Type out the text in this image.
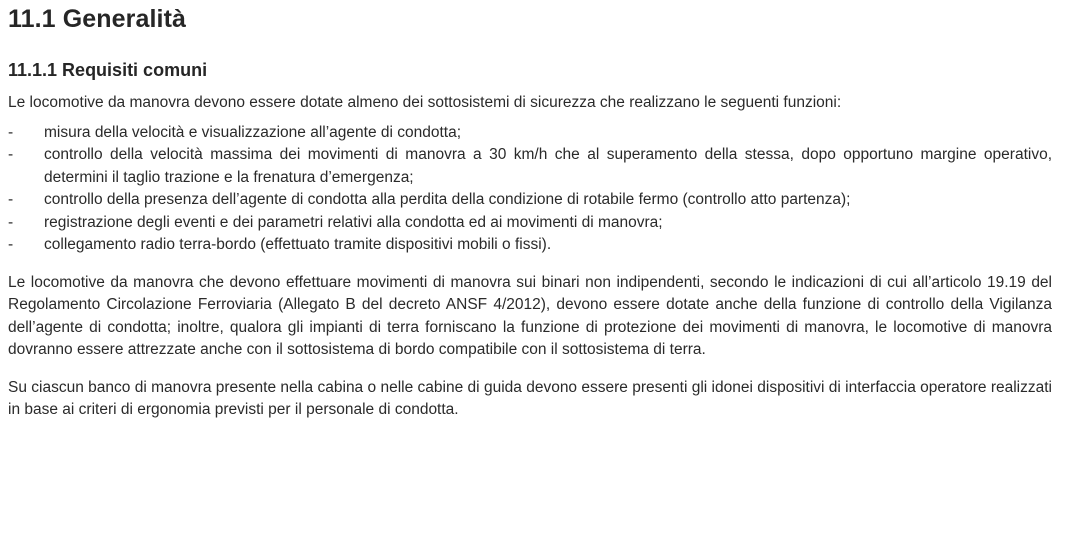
11.1 Generalità
11.1.1 Requisiti comuni

Le locomotive da manovra devono essere dotate almeno dei sottosistemi di sicurezza che realizzano le seguenti funzioni:

- misura della velocità e visualizzazione all’agente di condotta;
- controllo della velocità massima dei movimenti di manovra a 30 km/h che al superamento della stessa, dopo opportuno margine operativo, determini il taglio trazione e la frenatura d’emergenza;
- controllo della presenza dell’agente di condotta alla perdita della condizione di rotabile fermo (controllo atto partenza);
- registrazione degli eventi e dei parametri relativi alla condotta ed ai movimenti di manovra;
- collegamento radio terra-bordo (effettuato tramite dispositivi mobili o fissi).

Le locomotive da manovra che devono effettuare movimenti di manovra sui binari non indipendenti, secondo le indicazioni di cui all’articolo 19.19 del Regolamento Circolazione Ferroviaria (Allegato B del decreto ANSF 4/2012), devono essere dotate anche della funzione di controllo della Vigilanza dell’agente di condotta; inoltre, qualora gli impianti di terra forniscano la funzione di protezione dei movimenti di manovra, le locomotive di manovra dovranno essere attrezzate anche con il sottosistema di bordo compatibile con il sottosistema di terra.

Su ciascun banco di manovra presente nella cabina o nelle cabine di guida devono essere presenti gli idonei dispositivi di interfaccia operatore realizzati in base ai criteri di ergonomia previsti per il personale di condotta.
